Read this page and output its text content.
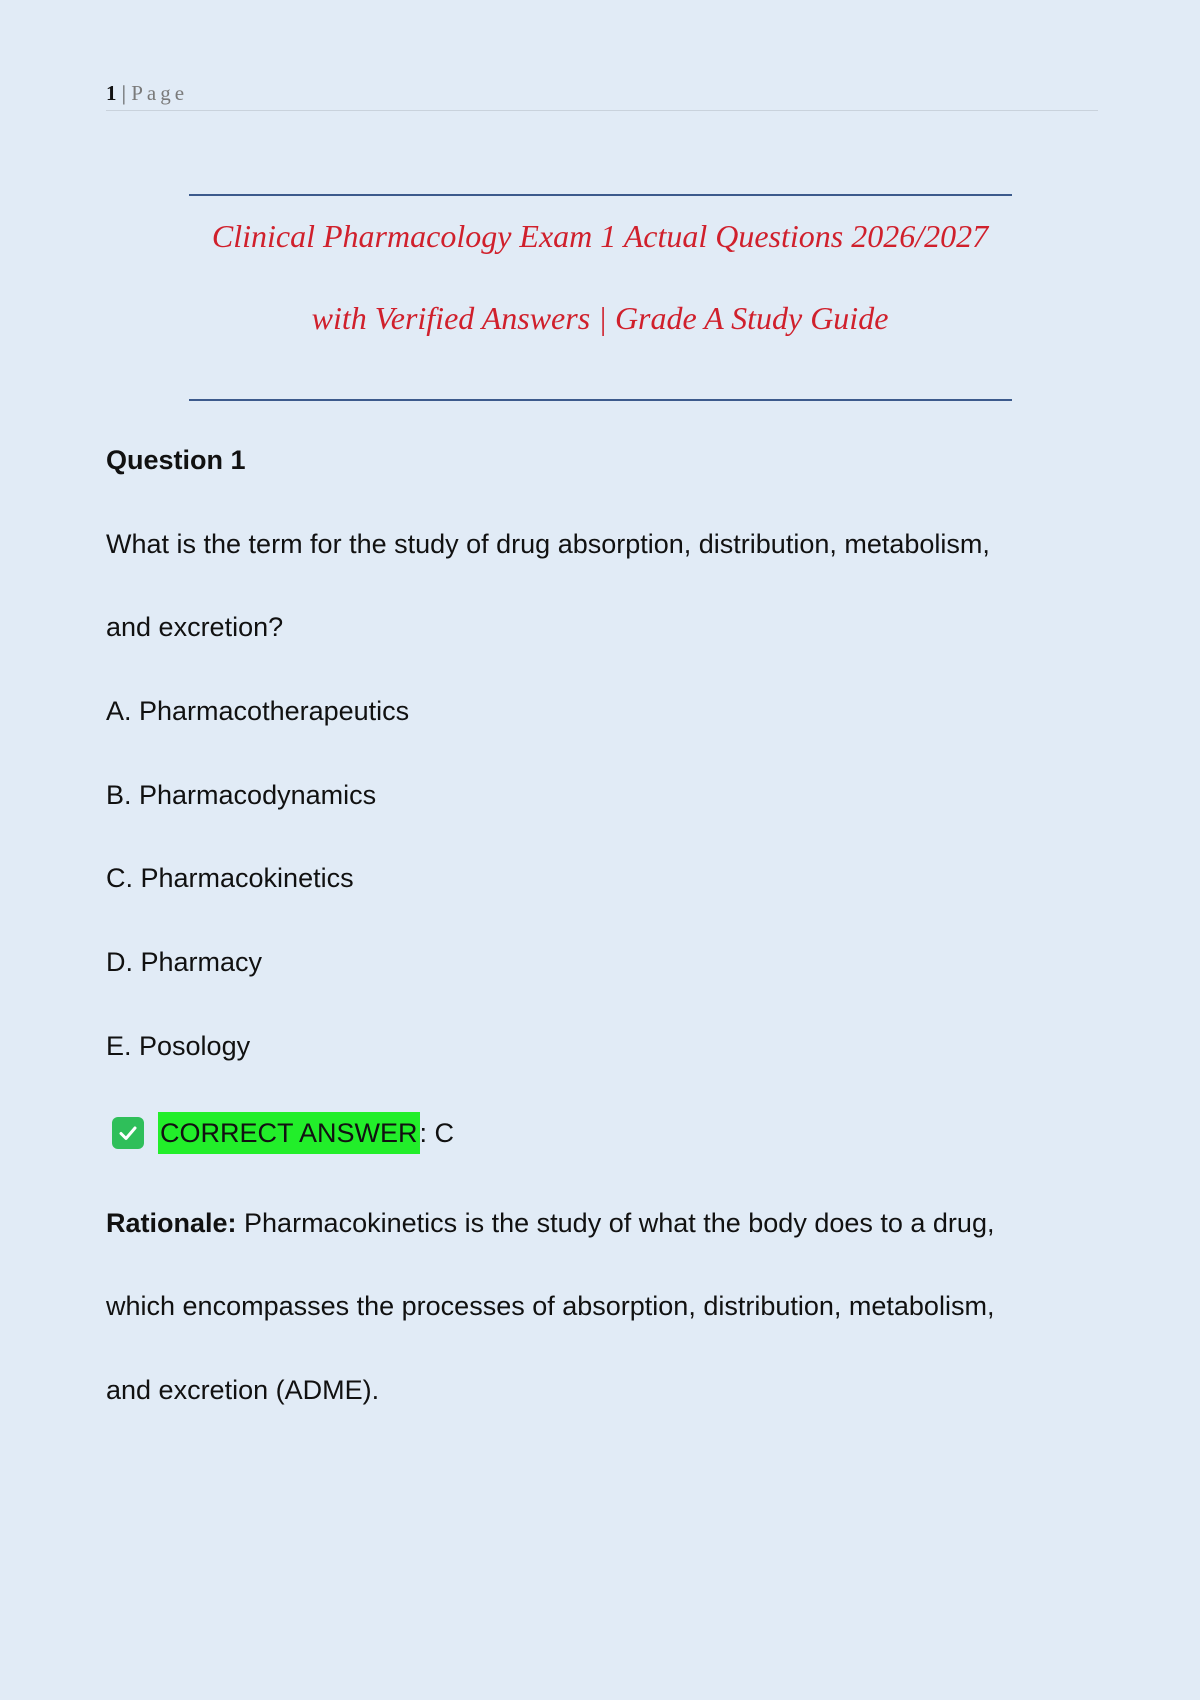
1 | Page
Clinical Pharmacology Exam 1 Actual Questions 2026/2027
with Verified Answers | Grade A Study Guide
Question 1
What is the term for the study of drug absorption, distribution, metabolism,
and excretion?
A. Pharmacotherapeutics
B. Pharmacodynamics
C. Pharmacokinetics
D. Pharmacy
E. Posology
CORRECT ANSWER : C
Rationale: Pharmacokinetics is the study of what the body does to a drug,
which encompasses the processes of absorption, distribution, metabolism,
and excretion (ADME).
